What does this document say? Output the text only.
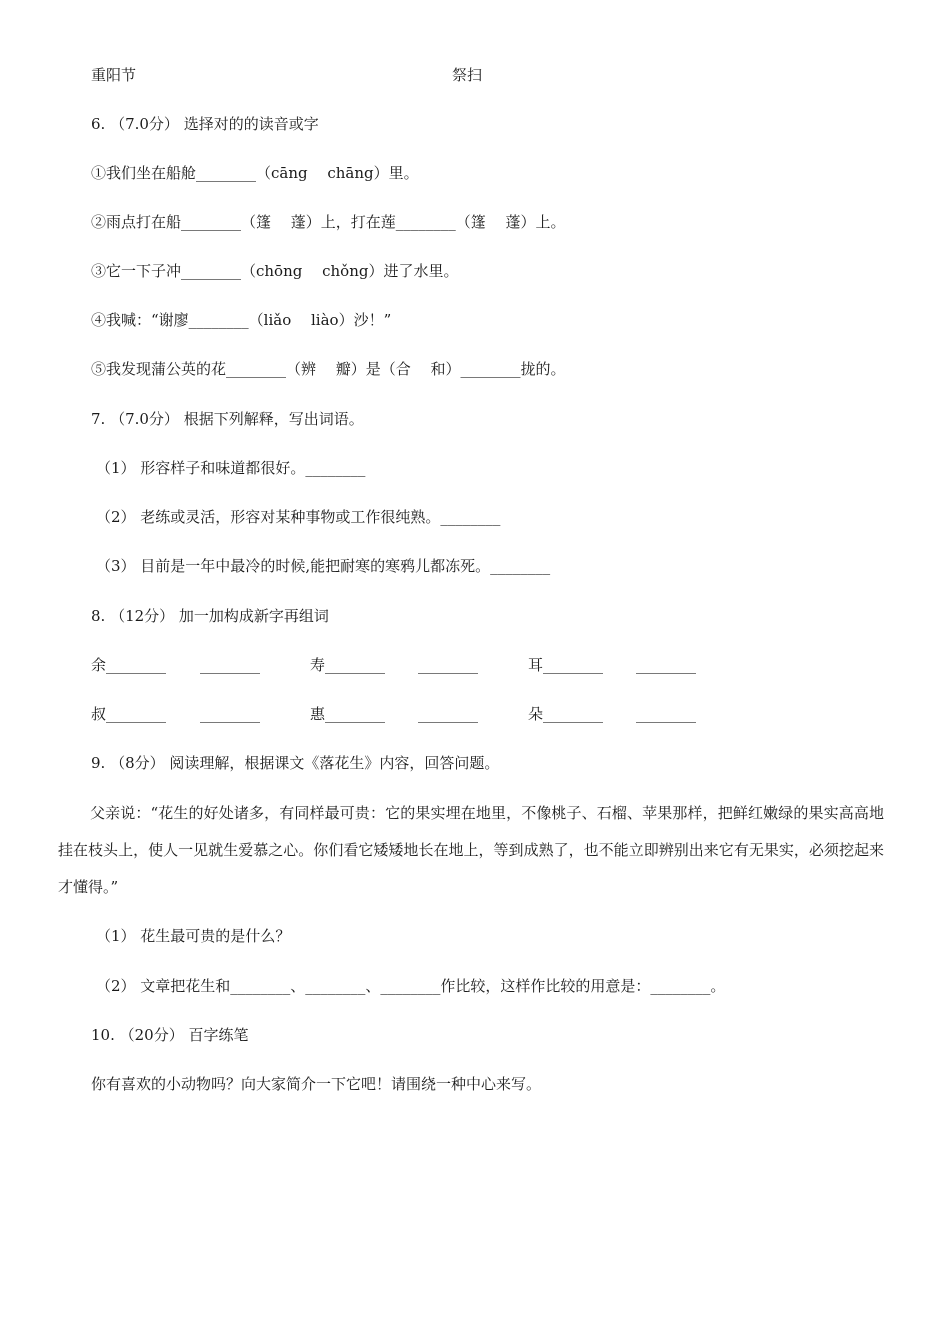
重阳节	祭扫
6. （7.0分） 选择对的的读音或字
①我们坐在船舱________（cāng　 chāng）里。
②雨点打在船________（篷　 蓬）上，打在莲________（篷　 蓬）上。
③它一下子冲________（chōng　 chǒng）进了水里。
④我喊：“谢廖________（liǎo　 liào）沙！”
⑤我发现蒲公英的花________（辨　 瓣）是（合　 和）________拢的。
7. （7.0分） 根据下列解释，写出词语。
（1） 形容样子和味道都很好。________
（2） 老练或灵活，形容对某种事物或工作很纯熟。________
（3） 目前是一年中最冷的时候,能把耐寒的寒鸦儿都冻死。________
8. （12分） 加一加构成新字再组词
余________ ________	寿________ ________	耳________ ________
叔________ ________	惠________ ________	朵________ ________
9. （8分） 阅读理解，根据课文《落花生》内容，回答问题。
父亲说：“花生的好处诸多，有同样最可贵：它的果实埋在地里，不像桃子、石榴、苹果那样，把鲜红嫩绿的果实高高地挂在枝头上，使人一见就生爱慕之心。你们看它矮矮地长在地上，等到成熟了，也不能立即辨别出来它有无果实，必须挖起来才懂得。”
（1） 花生最可贵的是什么？
（2） 文章把花生和________、________、________作比较，这样作比较的用意是：________。
10. （20分） 百字练笔
你有喜欢的小动物吗？向大家简介一下它吧！请围绕一种中心来写。
